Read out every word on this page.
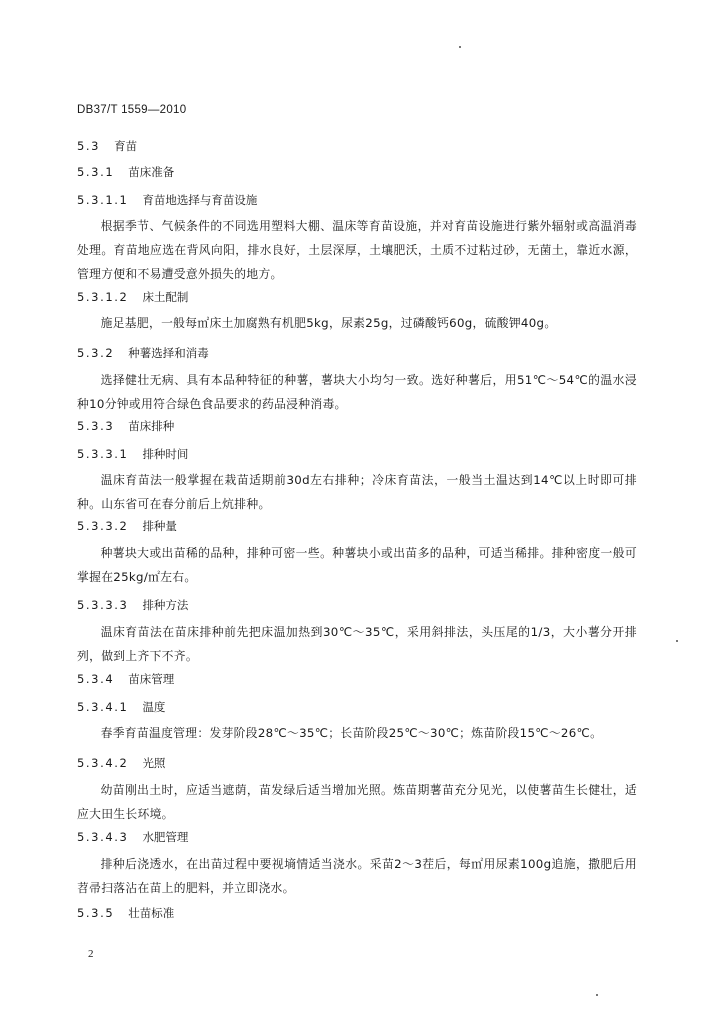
DB37/T 1559—2010
5.3 育苗
5.3.1 苗床准备
5.3.1.1 育苗地选择与育苗设施
根据季节、气候条件的不同选用塑料大棚、温床等育苗设施，并对育苗设施进行紫外辐射或高温消毒处理。育苗地应选在背风向阳，排水良好，土层深厚，土壤肥沃，土质不过粘过砂，无菌土，靠近水源，管理方便和不易遭受意外损失的地方。
5.3.1.2 床土配制
施足基肥，一般每㎡床土加腐熟有机肥5kg，尿素25g，过磷酸钙60g，硫酸钾40g。
5.3.2 种薯选择和消毒
选择健壮无病、具有本品种特征的种薯，薯块大小均匀一致。选好种薯后，用51℃～54℃的温水浸种10分钟或用符合绿色食品要求的药品浸种消毒。
5.3.3 苗床排种
5.3.3.1 排种时间
温床育苗法一般掌握在栽苗适期前30d左右排种；冷床育苗法，一般当土温达到14℃以上时即可排种。山东省可在春分前后上炕排种。
5.3.3.2 排种量
种薯块大或出苗稀的品种，排种可密一些。种薯块小或出苗多的品种，可适当稀排。排种密度一般可掌握在25kg/㎡左右。
5.3.3.3 排种方法
温床育苗法在苗床排种前先把床温加热到30℃～35℃，采用斜排法，头压尾的1/3，大小薯分开排列，做到上齐下不齐。
5.3.4 苗床管理
5.3.4.1 温度
春季育苗温度管理：发芽阶段28℃～35℃；长苗阶段25℃～30℃；炼苗阶段15℃～26℃。
5.3.4.2 光照
幼苗刚出土时，应适当遮荫，苗发绿后适当增加光照。炼苗期薯苗充分见光，以使薯苗生长健壮，适应大田生长环境。
5.3.4.3 水肥管理
排种后浇透水，在出苗过程中要视墒情适当浇水。采苗2～3茬后，每㎡用尿素100g追施，撒肥后用苕帚扫落沾在苗上的肥料，并立即浇水。
5.3.5 壮苗标准
2
